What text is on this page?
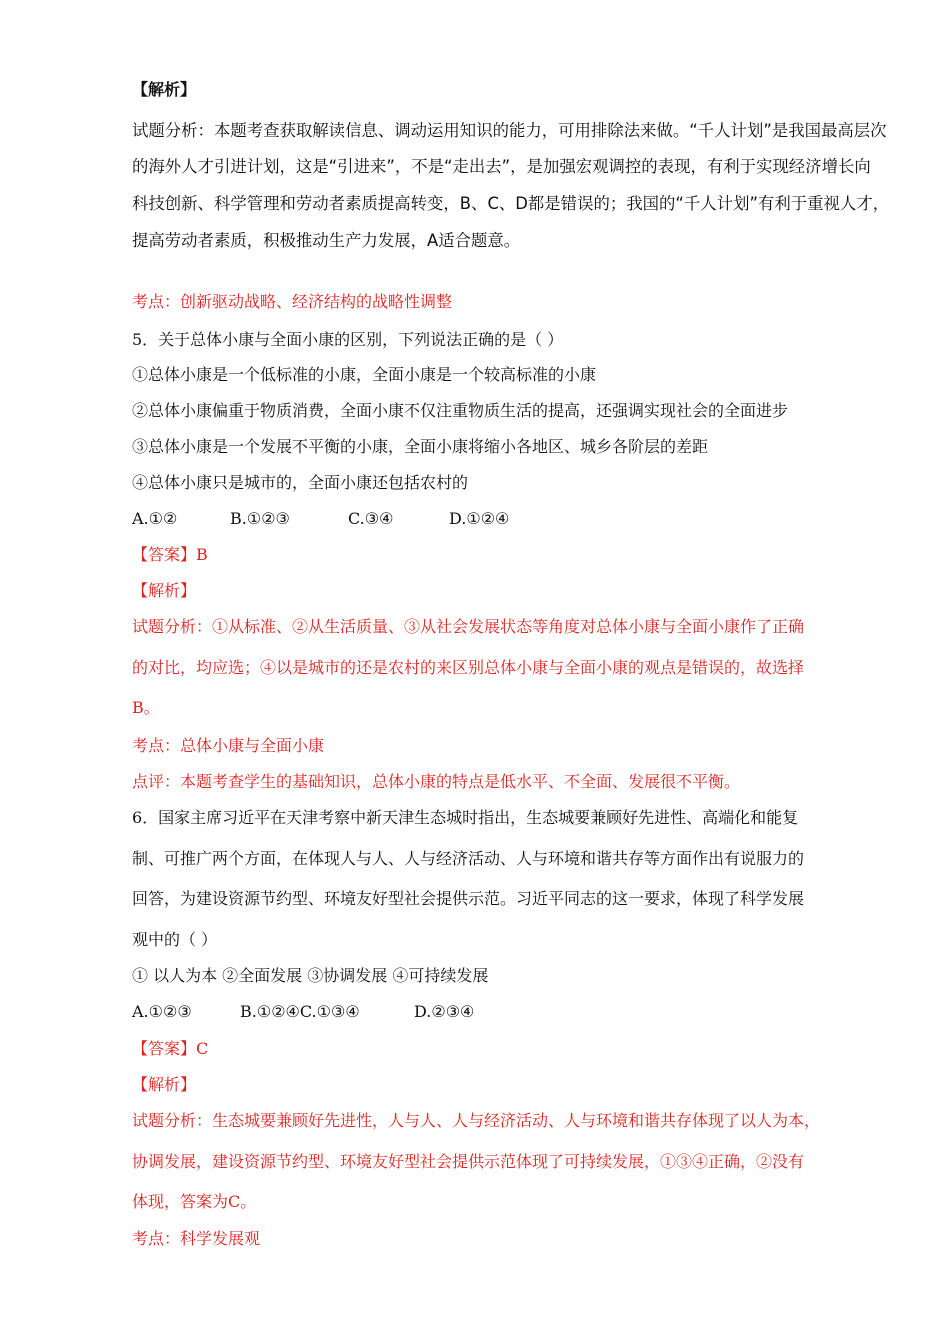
【解析】
试题分析：本题考查获取解读信息、调动运用知识的能力，可用排除法来做。“千人计划”是我国最高层次
的海外人才引进计划，这是“引进来”，不是“走出去”，是加强宏观调控的表现，有利于实现经济增长向
科技创新、科学管理和劳动者素质提高转变，B、C、D都是错误的；我国的“千人计划”有利于重视人才，
提高劳动者素质，积极推动生产力发展，A适合题意。
考点：创新驱动战略、经济结构的战略性调整
5．关于总体小康与全面小康的区别，下列说法正确的是（ ）
①总体小康是一个低标准的小康，全面小康是一个较高标准的小康
②总体小康偏重于物质消费，全面小康不仅注重物质生活的提高，还强调实现社会的全面进步
③总体小康是一个发展不平衡的小康，全面小康将缩小各地区、城乡各阶层的差距
④总体小康只是城市的，全面小康还包括农村的
A.①②	B.①②③	C.③④	D.①②④
【答案】B
【解析】
试题分析：①从标准、②从生活质量、③从社会发展状态等角度对总体小康与全面小康作了正确
的对比，均应选；④以是城市的还是农村的来区别总体小康与全面小康的观点是错误的，故选择
B。
考点：总体小康与全面小康
点评：本题考查学生的基础知识，总体小康的特点是低水平、不全面、发展很不平衡。
6．国家主席习近平在天津考察中新天津生态城时指出，生态城要兼顾好先进性、高端化和能复
制、可推广两个方面，在体现人与人、人与经济活动、人与环境和谐共存等方面作出有说服力的
回答，为建设资源节约型、环境友好型社会提供示范。习近平同志的这一要求，体现了科学发展
观中的（ ）
① 以人为本 ②全面发展 ③协调发展 ④可持续发展
A.①②③	B.①②④C.①③④	D.②③④
【答案】C
【解析】
试题分析：生态城要兼顾好先进性，人与人、人与经济活动、人与环境和谐共存体现了以人为本，
协调发展，建设资源节约型、环境友好型社会提供示范体现了可持续发展，①③④正确，②没有
体现，答案为C。
考点：科学发展观
